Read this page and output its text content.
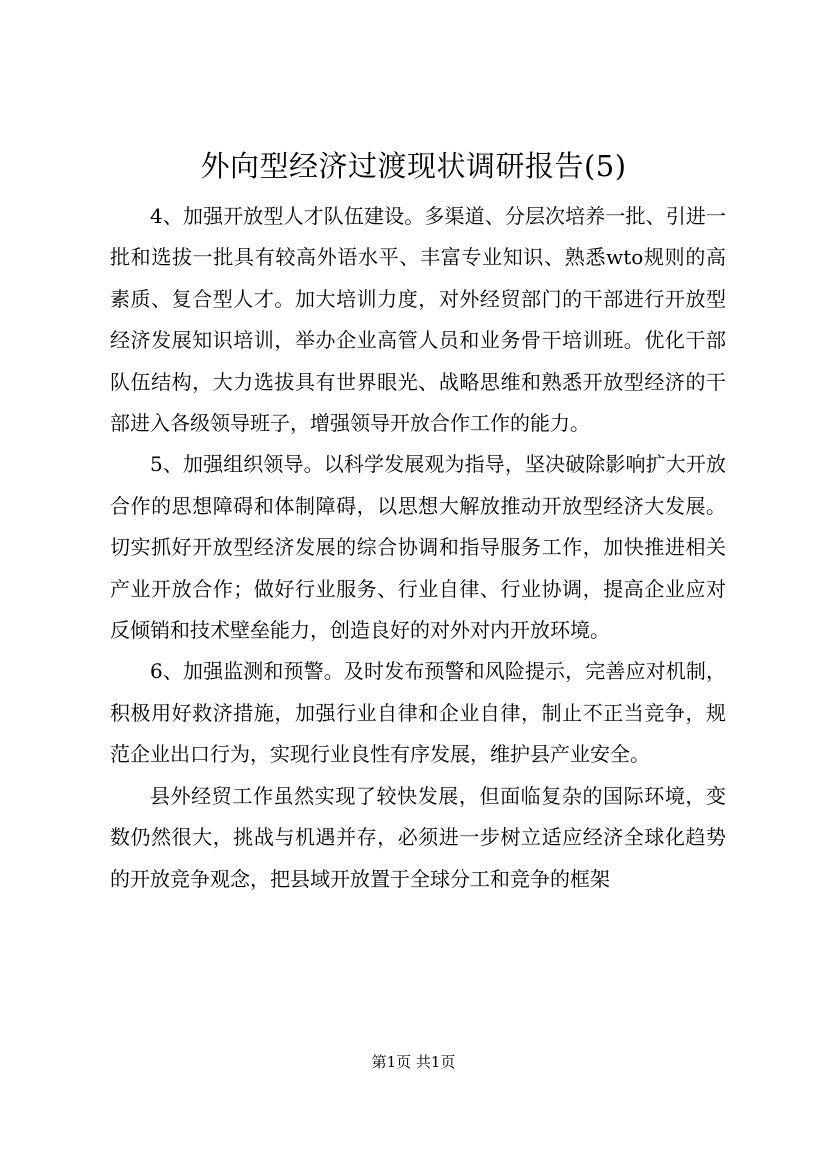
外向型经济过渡现状调研报告(5)

4、加强开放型人才队伍建设。多渠道、分层次培养一批、引进一批和选拔一批具有较高外语水平、丰富专业知识、熟悉wto规则的高素质、复合型人才。加大培训力度，对外经贸部门的干部进行开放型经济发展知识培训，举办企业高管人员和业务骨干培训班。优化干部队伍结构，大力选拔具有世界眼光、战略思维和熟悉开放型经济的干部进入各级领导班子，增强领导开放合作工作的能力。

5、加强组织领导。以科学发展观为指导，坚决破除影响扩大开放合作的思想障碍和体制障碍，以思想大解放推动开放型经济大发展。切实抓好开放型经济发展的综合协调和指导服务工作，加快推进相关产业开放合作；做好行业服务、行业自律、行业协调，提高企业应对反倾销和技术壁垒能力，创造良好的对外对内开放环境。

6、加强监测和预警。及时发布预警和风险提示，完善应对机制，积极用好救济措施，加强行业自律和企业自律，制止不正当竞争，规范企业出口行为，实现行业良性有序发展，维护县产业安全。

县外经贸工作虽然实现了较快发展，但面临复杂的国际环境，变数仍然很大，挑战与机遇并存，必须进一步树立适应经济全球化趋势的开放竞争观念，把县域开放置于全球分工和竞争的框架

第1页 共1页
